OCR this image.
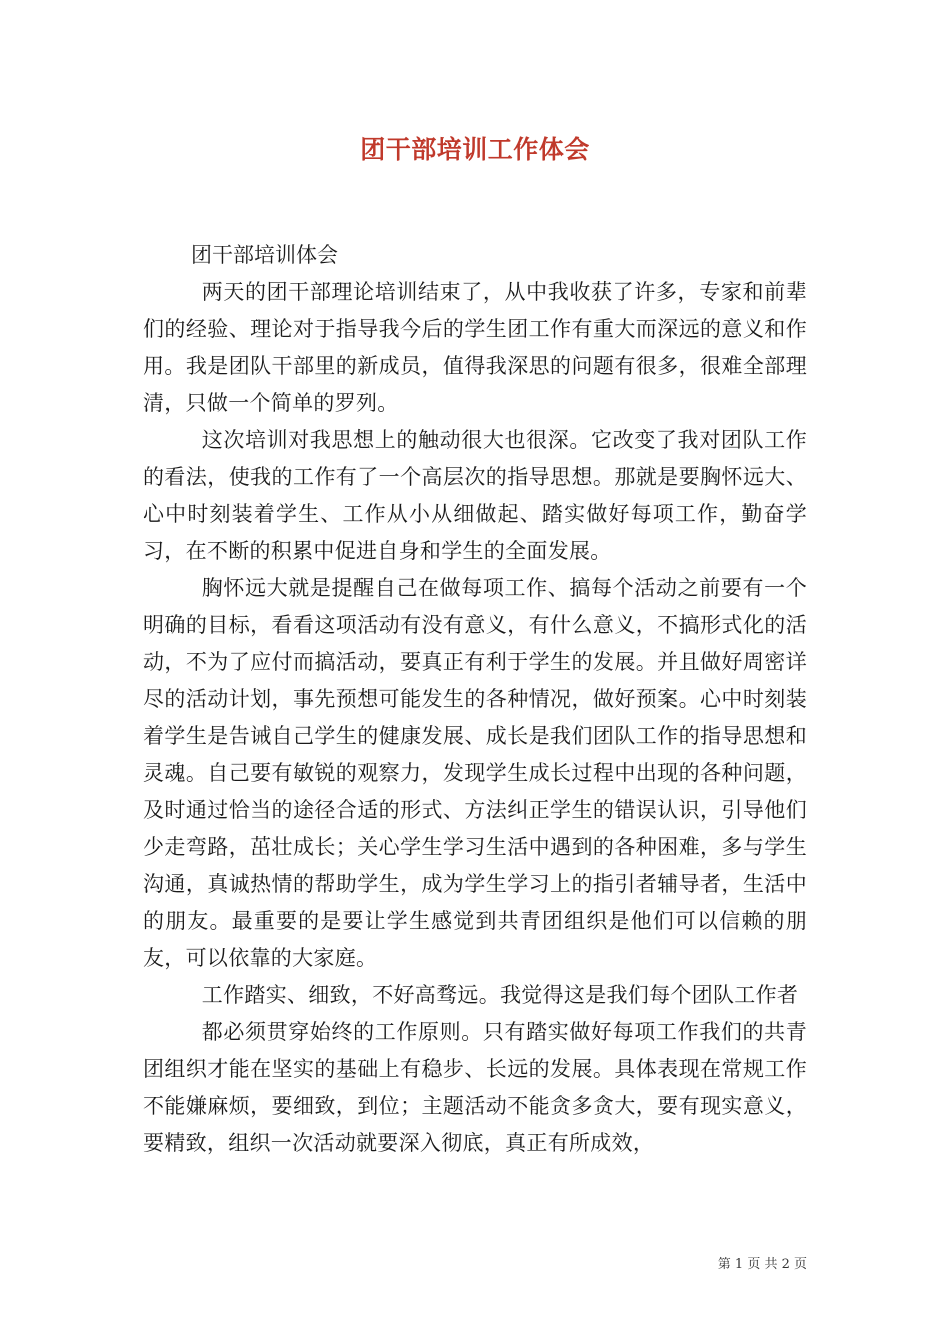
团干部培训工作体会

团干部培训体会

两天的团干部理论培训结束了，从中我收获了许多，专家和前辈们的经验、理论对于指导我今后的学生团工作有重大而深远的意义和作用。我是团队干部里的新成员，值得我深思的问题有很多，很难全部理清，只做一个简单的罗列。

这次培训对我思想上的触动很大也很深。它改变了我对团队工作的看法，使我的工作有了一个高层次的指导思想。那就是要胸怀远大、心中时刻装着学生、工作从小从细做起、踏实做好每项工作，勤奋学习，在不断的积累中促进自身和学生的全面发展。

胸怀远大就是提醒自己在做每项工作、搞每个活动之前要有一个明确的目标，看看这项活动有没有意义，有什么意义，不搞形式化的活动，不为了应付而搞活动，要真正有利于学生的发展。并且做好周密详尽的活动计划，事先预想可能发生的各种情况，做好预案。心中时刻装着学生是告诫自己学生的健康发展、成长是我们团队工作的指导思想和灵魂。自己要有敏锐的观察力，发现学生成长过程中出现的各种问题，及时通过恰当的途径合适的形式、方法纠正学生的错误认识，引导他们少走弯路，茁壮成长；关心学生学习生活中遇到的各种困难，多与学生沟通，真诚热情的帮助学生，成为学生学习上的指引者辅导者，生活中的朋友。最重要的是要让学生感觉到共青团组织是他们可以信赖的朋友，可以依靠的大家庭。

工作踏实、细致，不好高骛远。我觉得这是我们每个团队工作者

都必须贯穿始终的工作原则。只有踏实做好每项工作我们的共青团组织才能在坚实的基础上有稳步、长远的发展。具体表现在常规工作不能嫌麻烦，要细致，到位；主题活动不能贪多贪大，要有现实意义，要精致，组织一次活动就要深入彻底，真正有所成效，

第 1 页 共 2 页
